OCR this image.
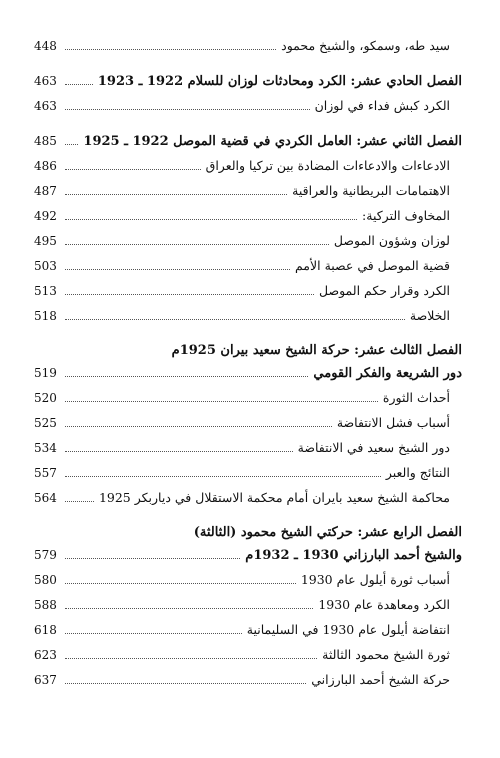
سيد طه، وسمكو، والشيخ محمود
448
الفصل الحادي عشر: الكرد ومحادثات لوزان للسلام 1922 ـ 1923
463
الكرد كبش فداء في لوزان
463
الفصل الثاني عشر: العامل الكردي في قضية الموصل 1922 ـ 1925
485
الادعاءات والادعاءات المضادة بين تركيا والعراق
486
الاهتمامات البريطانية والعراقية
487
المخاوف التركية:
492
لوزان وشؤون الموصل
495
قضية الموصل في عصبة الأمم
503
الكرد وقرار حكم الموصل
513
الخلاصة
518
الفصل الثالث عشر: حركة الشيخ سعيد بيران 1925م
دور الشريعة والفكر القومي
519
أحداث الثورة
520
أسباب فشل الانتفاضة
525
دور الشيخ سعيد في الانتفاضة
534
النتائج والعبر
557
محاكمة الشيخ سعيد بايران أمام محكمة الاستقلال في دياربكر 1925
564
الفصل الرابع عشر: حركتي الشيخ محمود (الثالثة)
والشيخ أحمد البارزاني 1930 ـ 1932م
579
أسباب ثورة أيلول عام 1930
580
الكرد ومعاهدة عام 1930
588
انتفاضة أيلول عام 1930 في السليمانية
618
ثورة الشيخ محمود الثالثة
623
حركة الشيخ أحمد البارزاني
637
